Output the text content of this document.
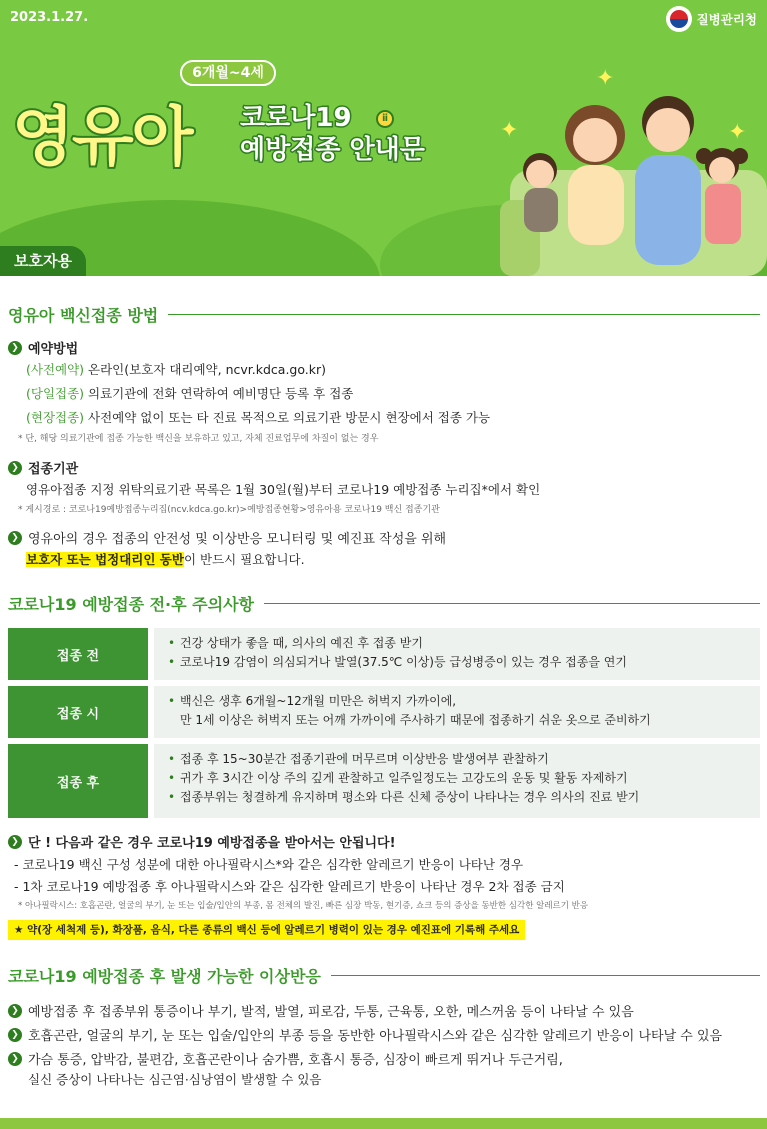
2023.1.27.	질병관리청
6개월~4세
영유아 코로나19
예방접종 안내문
ⅱ
✦
✦	✦
보호자용
영유아 백신접종 방법
❯ 예약방법
(사전예약) 온라인(보호자 대리예약, ncvr.kdca.go.kr)
(당일접종) 의료기관에 전화 연락하여 예비명단 등록 후 접종
(현장접종) 사전예약 없이 또는 타 진료 목적으로 의료기관 방문시 현장에서 접종 가능
* 단, 해당 의료기관에 접종 가능한 백신을 보유하고 있고, 자체 진료업무에 차질이 없는 경우
❯ 접종기관
영유아접종 지정 위탁의료기관 목록은 1월 30일(월)부터 코로나19 예방접종 누리집*에서 확인
* 게시경로 : 코로나19예방접종누리집(ncv.kdca.go.kr)>예방접종현황>영유아용 코로나19 백신 접종기관
❯ 영유아의 경우 접종의 안전성 및 이상반응 모니터링 및 예진표 작성을 위해
보호자 또는 법정대리인 동반이 반드시 필요합니다.
코로나19 예방접종 전·후 주의사항
접종 전
• 건강 상태가 좋을 때, 의사의 예진 후 접종 받기
• 코로나19 감염이 의심되거나 발열(37.5℃ 이상)등 급성병증이 있는 경우 접종을 연기
접종 시
• 백신은 생후 6개월~12개월 미만은 허벅지 가까이에,
만 1세 이상은 허벅지 또는 어깨 가까이에 주사하기 때문에 접종하기 쉬운 옷으로 준비하기
접종 후
• 접종 후 15~30분간 접종기관에 머무르며 이상반응 발생여부 관찰하기
• 귀가 후 3시간 이상 주의 깊게 관찰하고 일주일정도는 고강도의 운동 및 활동 자제하기
• 접종부위는 청결하게 유지하며 평소와 다른 신체 증상이 나타나는 경우 의사의 진료 받기
❯ 단 ! 다음과 같은 경우 코로나19 예방접종을 받아서는 안됩니다!
- 코로나19 백신 구성 성분에 대한 아나필락시스*와 같은 심각한 알레르기 반응이 나타난 경우
- 1차 코로나19 예방접종 후 아나필락시스와 같은 심각한 알레르기 반응이 나타난 경우 2차 접종 금지
* 아나필락시스: 호흡곤란, 얼굴의 부기, 눈 또는 입술/입안의 부종, 몸 전체의 발진, 빠른 심장 박동, 현기증, 쇼크 등의 증상을 동반한 심각한 알레르기 반응
★ 약(장 세척제 등), 화장품, 음식, 다른 종류의 백신 등에 알레르기 병력이 있는 경우 예진표에 기록해 주세요
코로나19 예방접종 후 발생 가능한 이상반응
❯ 예방접종 후 접종부위 통증이나 부기, 발적, 발열, 피로감, 두통, 근육통, 오한, 메스꺼움 등이 나타날 수 있음
❯ 호흡곤란, 얼굴의 부기, 눈 또는 입술/입안의 부종 등을 동반한 아나필락시스와 같은 심각한 알레르기 반응이 나타날 수 있음
❯ 가슴 통증, 압박감, 불편감, 호흡곤란이나 숨가쁨, 호흡시 통증, 심장이 빠르게 뛰거나 두근거림,
실신 증상이 나타나는 심근염·심낭염이 발생할 수 있음
